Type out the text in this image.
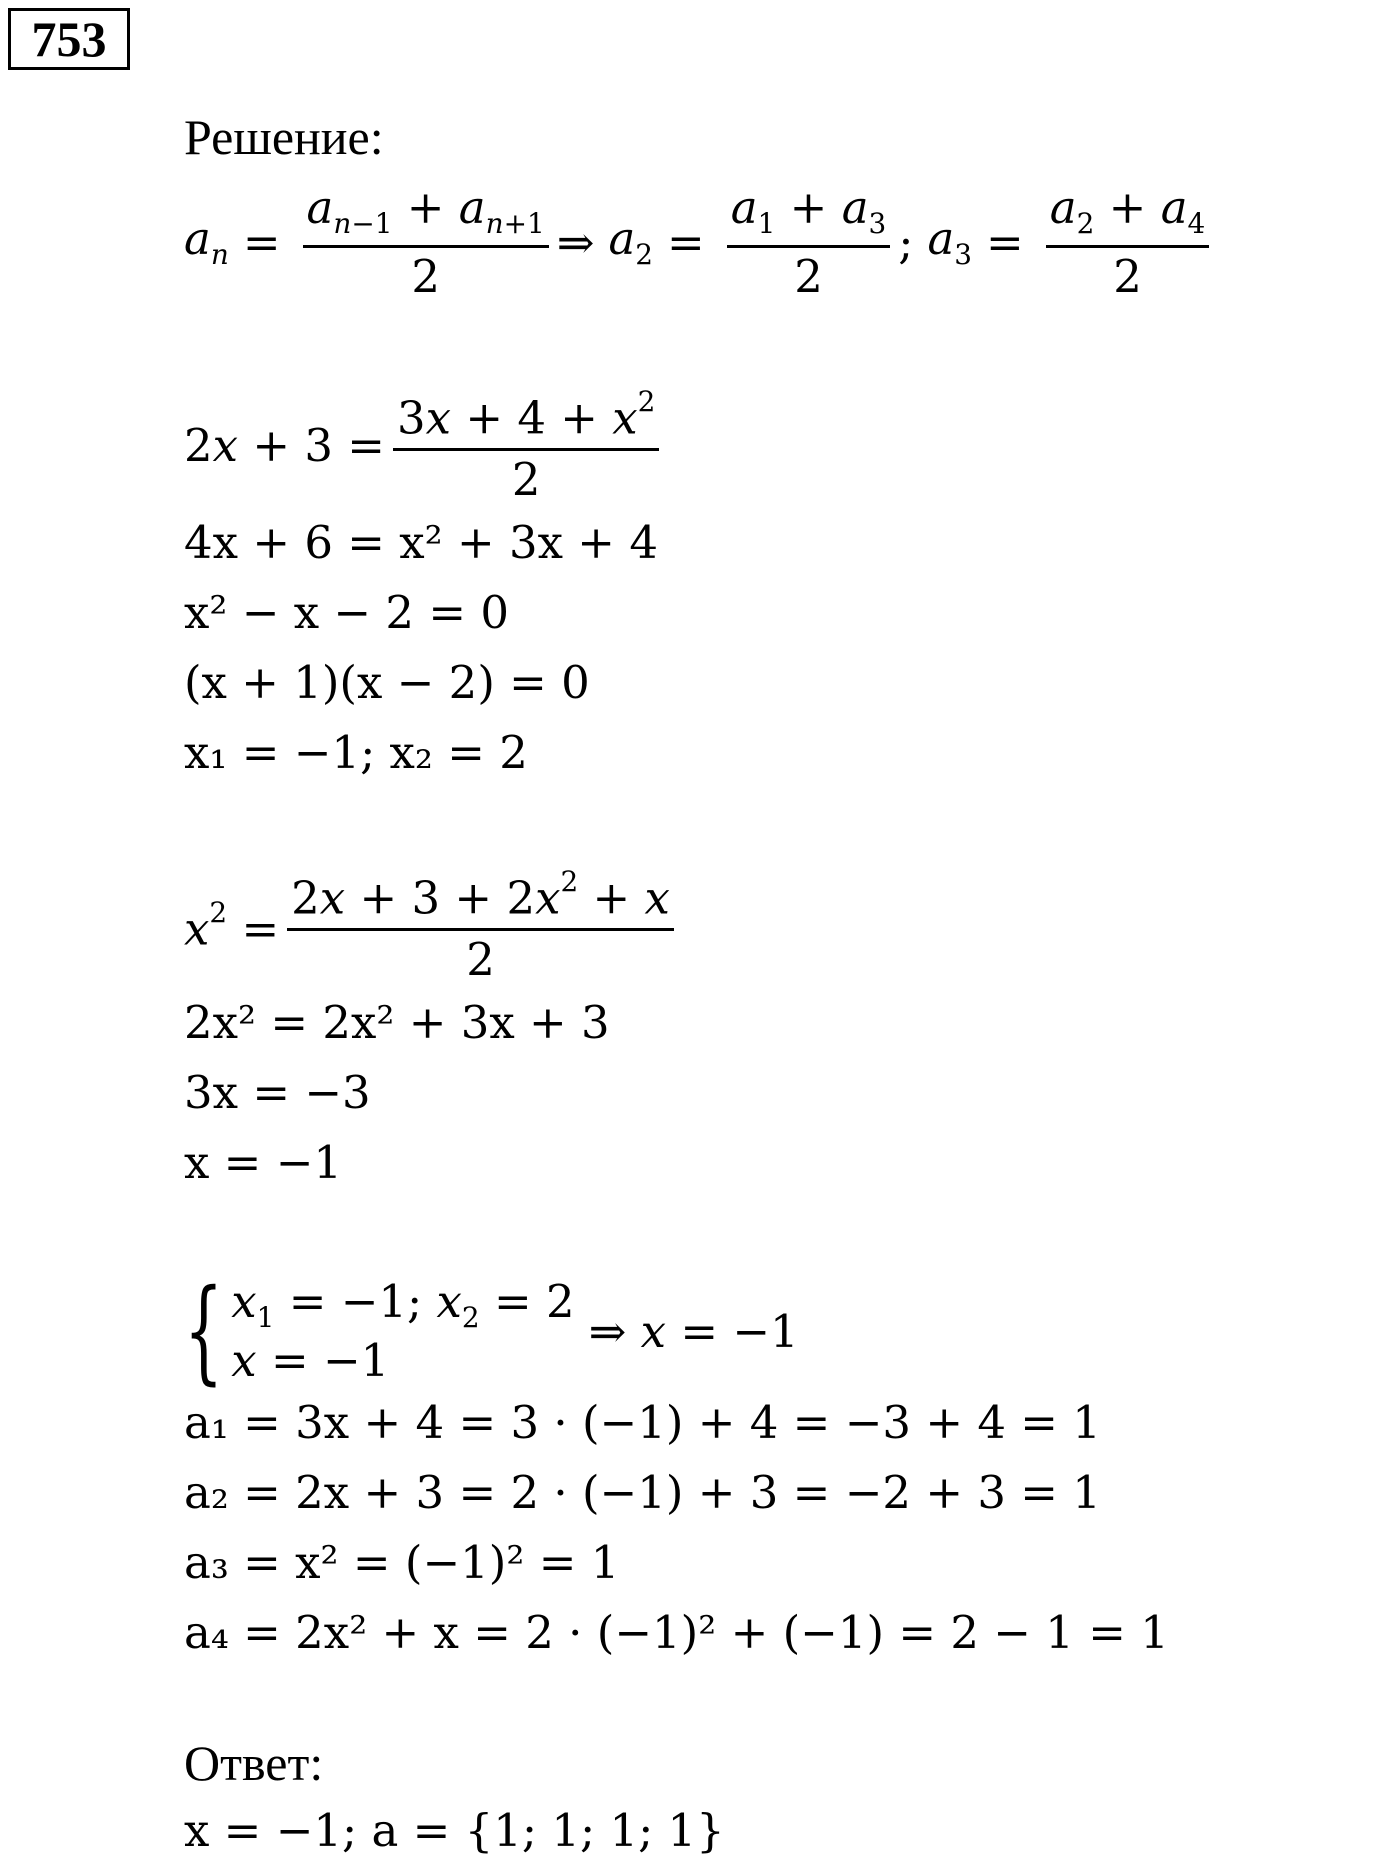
753
Решение:
$a_n = \frac{a_{n-1} + a_{n+1}}{2}$ ⇒ $a_2 = \frac{a_1 + a_3}{2}$ ; $a_3 = \frac{a_2 + a_4}{2}$
$2x + 3 = \frac{3x + 4 + x^2}{2}$
4x + 6 = x² + 3x + 4
x² − x − 2 = 0
(x + 1)(x − 2) = 0
x₁ = −1; x₂ = 2
$x^2 = \frac{2x + 3 + 2x^2 + x}{2}$
2x² = 2x² + 3x + 3
3x = −3
x = −1
{ $x_1 = -1$; $x_2 = 2$
x = −1
⇒ x = −1
a₁ = 3x + 4 = 3 · (−1) + 4 = −3 + 4 = 1
a₂ = 2x + 3 = 2 · (−1) + 3 = −2 + 3 = 1
a₃ = x² = (−1)² = 1
a₄ = 2x² + x = 2 · (−1)² + (−1) = 2 − 1 = 1
Ответ:
x = −1; a = {1; 1; 1; 1}
